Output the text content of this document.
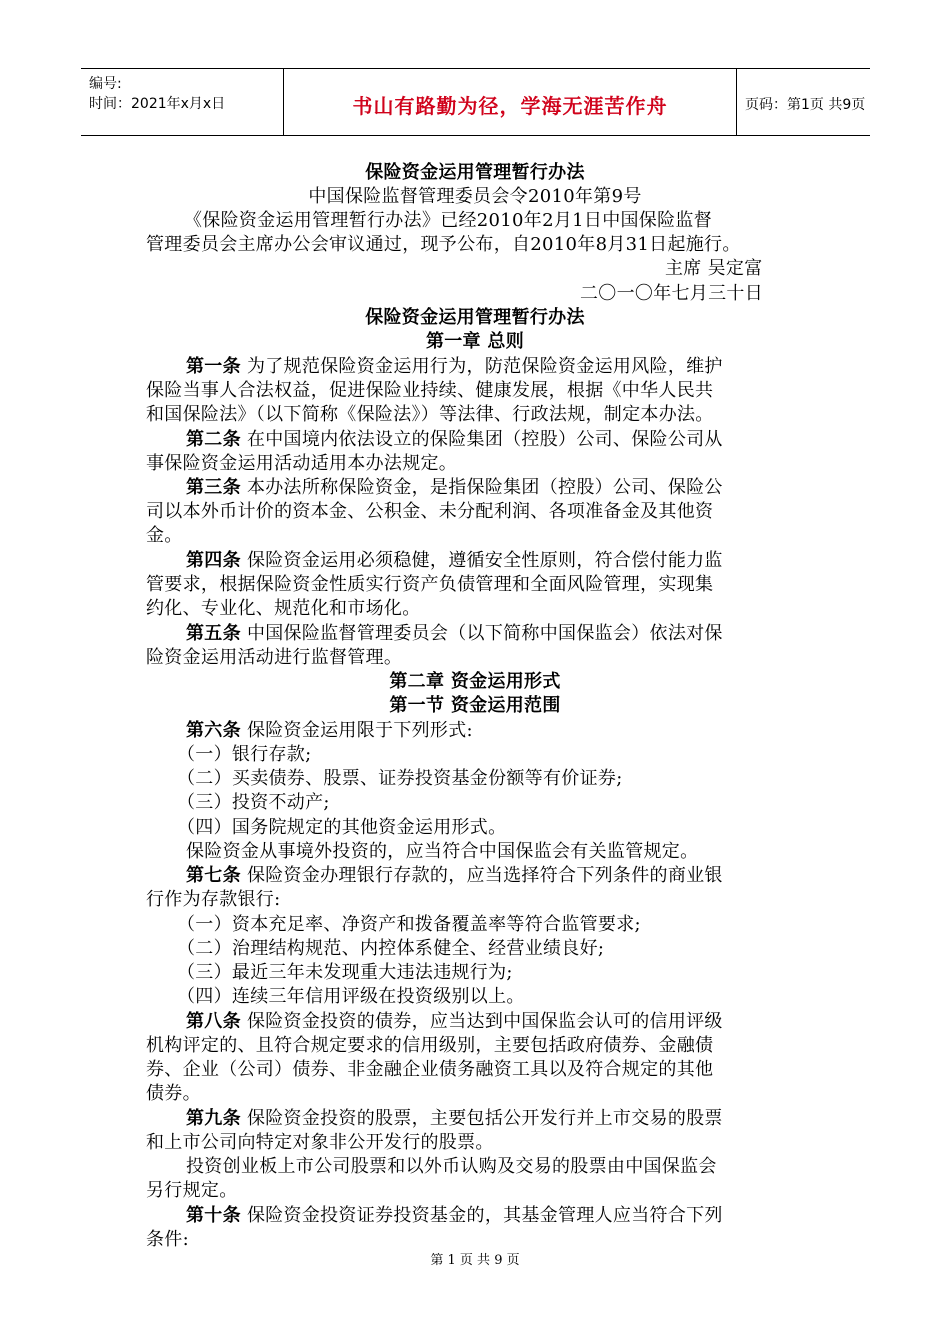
编号:
时间：2021年x月x日	书山有路勤为径，学海无涯苦作舟	页码：第1页 共9页
保险资金运用管理暂行办法
中国保险监督管理委员会令2010年第9号
《保险资金运用管理暂行办法》已经2010年2月1日中国保险监督
管理委员会主席办公会审议通过，现予公布，自2010年8月31日起施行。
主席 吴定富
二〇一〇年七月三十日
保险资金运用管理暂行办法
第一章 总则
第一条 为了规范保险资金运用行为，防范保险资金运用风险，维护
保险当事人合法权益，促进保险业持续、健康发展，根据《中华人民共
和国保险法》（以下简称《保险法》）等法律、行政法规，制定本办法。
第二条 在中国境内依法设立的保险集团（控股）公司、保险公司从
事保险资金运用活动适用本办法规定。
第三条 本办法所称保险资金，是指保险集团（控股）公司、保险公
司以本外币计价的资本金、公积金、未分配利润、各项准备金及其他资
金。
第四条 保险资金运用必须稳健，遵循安全性原则，符合偿付能力监
管要求，根据保险资金性质实行资产负债管理和全面风险管理，实现集
约化、专业化、规范化和市场化。
第五条 中国保险监督管理委员会（以下简称中国保监会）依法对保
险资金运用活动进行监督管理。
第二章 资金运用形式
第一节 资金运用范围
第六条 保险资金运用限于下列形式:
（一）银行存款;
（二）买卖债券、股票、证券投资基金份额等有价证券;
（三）投资不动产;
（四）国务院规定的其他资金运用形式。
保险资金从事境外投资的，应当符合中国保监会有关监管规定。
第七条 保险资金办理银行存款的，应当选择符合下列条件的商业银
行作为存款银行:
（一）资本充足率、净资产和拨备覆盖率等符合监管要求;
（二）治理结构规范、内控体系健全、经营业绩良好;
（三）最近三年未发现重大违法违规行为;
（四）连续三年信用评级在投资级别以上。
第八条 保险资金投资的债券，应当达到中国保监会认可的信用评级
机构评定的、且符合规定要求的信用级别，主要包括政府债券、金融债
券、企业（公司）债券、非金融企业债务融资工具以及符合规定的其他
债券。
第九条 保险资金投资的股票，主要包括公开发行并上市交易的股票
和上市公司向特定对象非公开发行的股票。
投资创业板上市公司股票和以外币认购及交易的股票由中国保监会
另行规定。
第十条 保险资金投资证券投资基金的，其基金管理人应当符合下列
条件:
第 1 页 共 9 页
